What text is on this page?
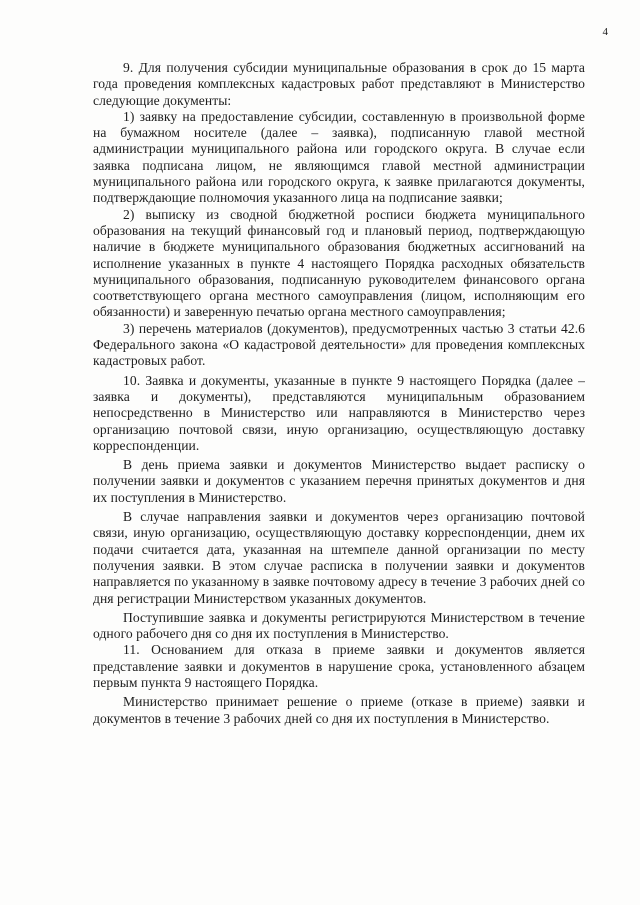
4

9. Для получения субсидии муниципальные образования в срок до 15 марта года проведения комплексных кадастровых работ представляют в Министерство следующие документы:

1) заявку на предоставление субсидии, составленную в произвольной форме на бумажном носителе (далее – заявка), подписанную главой местной администрации муниципального района или городского округа. В случае если заявка подписана лицом, не являющимся главой местной администрации муниципального района или городского округа, к заявке прилагаются документы, подтверждающие полномочия указанного лица на подписание заявки;

2) выписку из сводной бюджетной росписи бюджета муниципального образования на текущий финансовый год и плановый период, подтверждающую наличие в бюджете муниципального образования бюджетных ассигнований на исполнение указанных в пункте 4 настоящего Порядка расходных обязательств муниципального образования, подписанную руководителем финансового органа соответствующего органа местного самоуправления (лицом, исполняющим его обязанности) и заверенную печатью органа местного самоуправления;

3) перечень материалов (документов), предусмотренных частью 3 статьи 42.6 Федерального закона «О кадастровой деятельности» для проведения комплексных кадастровых работ.

10. Заявка и документы, указанные в пункте 9 настоящего Порядка (далее – заявка и документы), представляются муниципальным образованием непосредственно в Министерство или направляются в Министерство через организацию почтовой связи, иную организацию, осуществляющую доставку корреспонденции.

В день приема заявки и документов Министерство выдает расписку о получении заявки и документов с указанием перечня принятых документов и дня их поступления в Министерство.

В случае направления заявки и документов через организацию почтовой связи, иную организацию, осуществляющую доставку корреспонденции, днем их подачи считается дата, указанная на штемпеле данной организации по месту получения заявки. В этом случае расписка в получении заявки и документов направляется по указанному в заявке почтовому адресу в течение 3 рабочих дней со дня регистрации Министерством указанных документов.

Поступившие заявка и документы регистрируются Министерством в течение одного рабочего дня со дня их поступления в Министерство.

11. Основанием для отказа в приеме заявки и документов является представление заявки и документов в нарушение срока, установленного абзацем первым пункта 9 настоящего Порядка.

Министерство принимает решение о приеме (отказе в приеме) заявки и документов в течение 3 рабочих дней со дня их поступления в Министерство.
